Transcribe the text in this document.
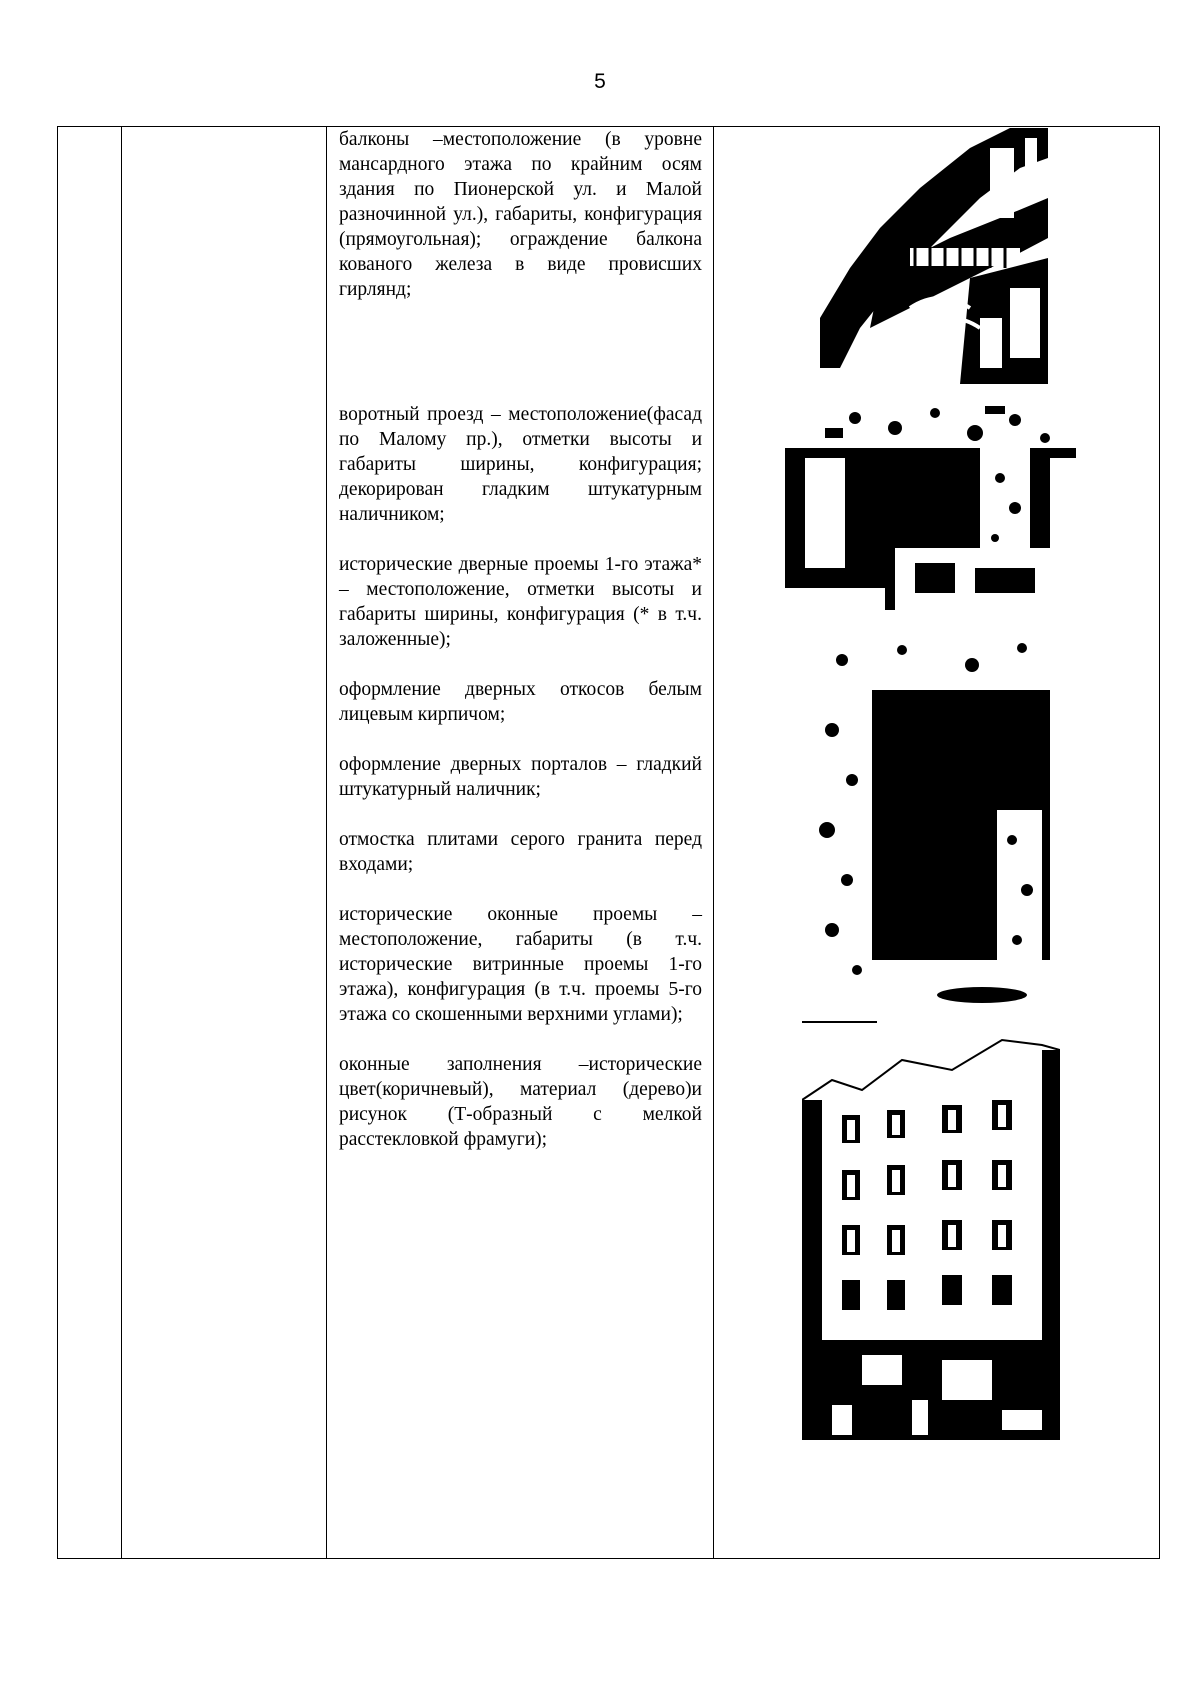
5

балконы –местоположение (в уровне мансардного этажа по крайним осям здания по Пионерской ул. и Малой разночинной ул.), габариты, конфигурация (прямоугольная); ограждение балкона кованого железа в виде провисших гирлянд;

воротный проезд – местоположение(фасад по Малому пр.), отметки высоты и габариты ширины, конфигурация; декорирован гладким штукатурным наличником;

исторические дверные проемы 1-го этажа* – местоположение, отметки высоты и габариты ширины, конфигурация (* в т.ч. заложенные);

оформление дверных откосов белым лицевым кирпичом;

оформление дверных порталов – гладкий штукатурный наличник;

отмостка плитами серого гранита перед входами;

исторические оконные проемы – местоположение, габариты (в т.ч. исторические витринные проемы 1-го этажа), конфигурация (в т.ч. проемы 5-го этажа со скошенными верхними углами);

оконные заполнения –исторические цвет(коричневый), материал (дерево)и рисунок (Т-образный с мелкой расстекловкой фрамуги);
